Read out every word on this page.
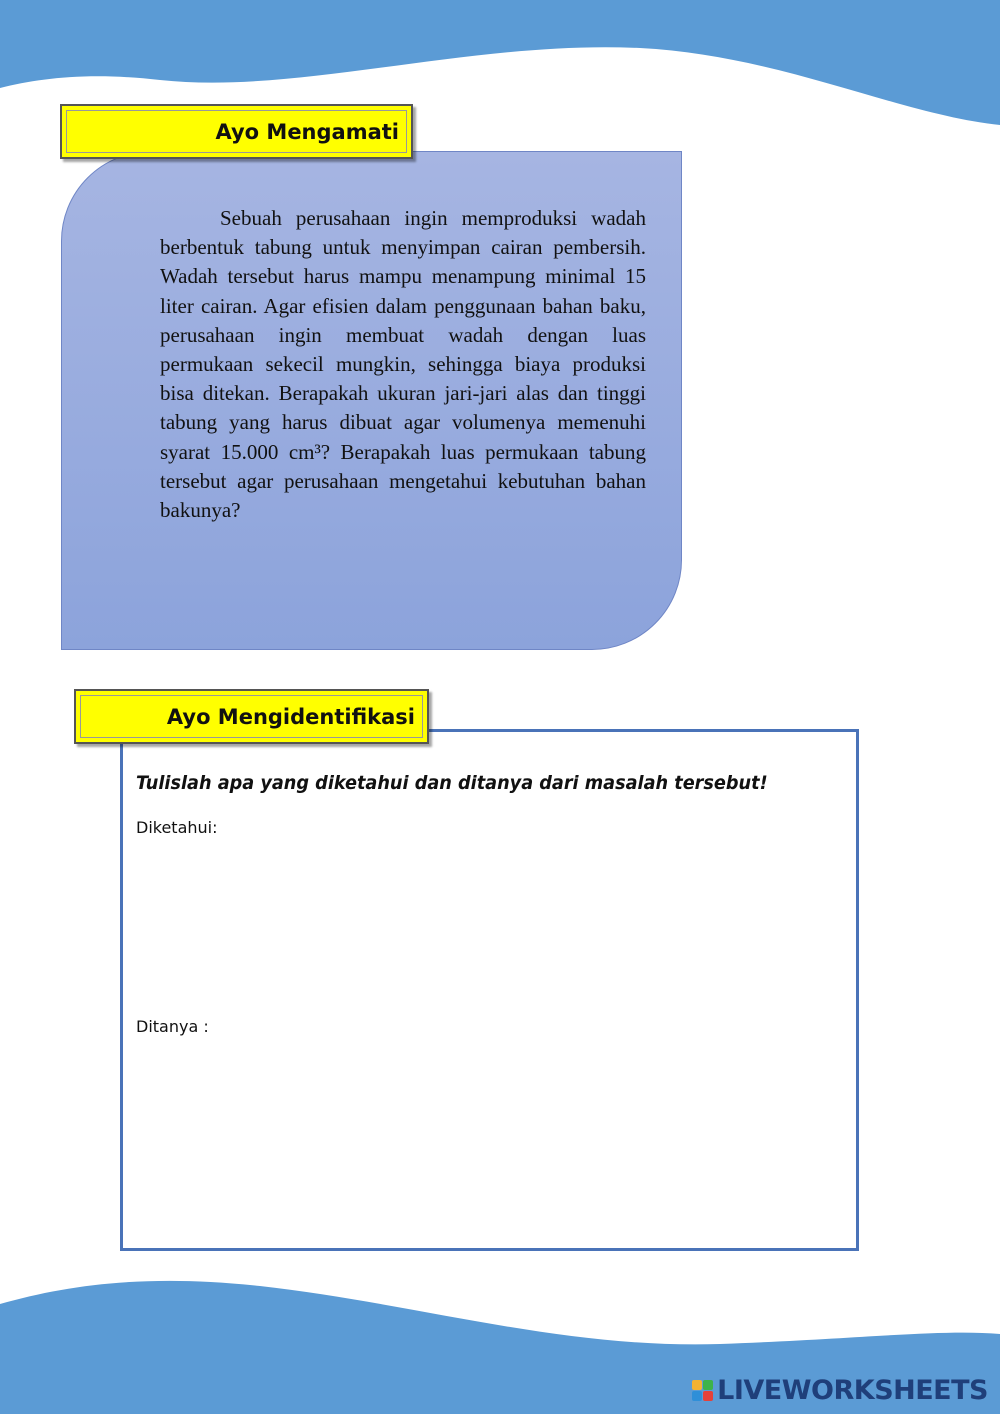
Sebuah perusahaan ingin memproduksi wadah berbentuk tabung untuk menyimpan cairan pembersih. Wadah tersebut harus mampu menampung minimal 15 liter cairan. Agar efisien dalam penggunaan bahan baku, perusahaan ingin membuat wadah dengan luas permukaan sekecil mungkin, sehingga biaya produksi bisa ditekan. Berapakah ukuran jari-jari alas dan tinggi tabung yang harus dibuat agar volumenya memenuhi syarat 15.000 cm³? Berapakah luas permukaan tabung tersebut agar perusahaan mengetahui kebutuhan bahan bakunya?

Ayo Mengamati

Tulislah apa yang diketahui dan ditanya dari masalah tersebut!

Diketahui:

Ditanya :

Ayo Mengidentifikasi
LIVEWORKSHEETS
